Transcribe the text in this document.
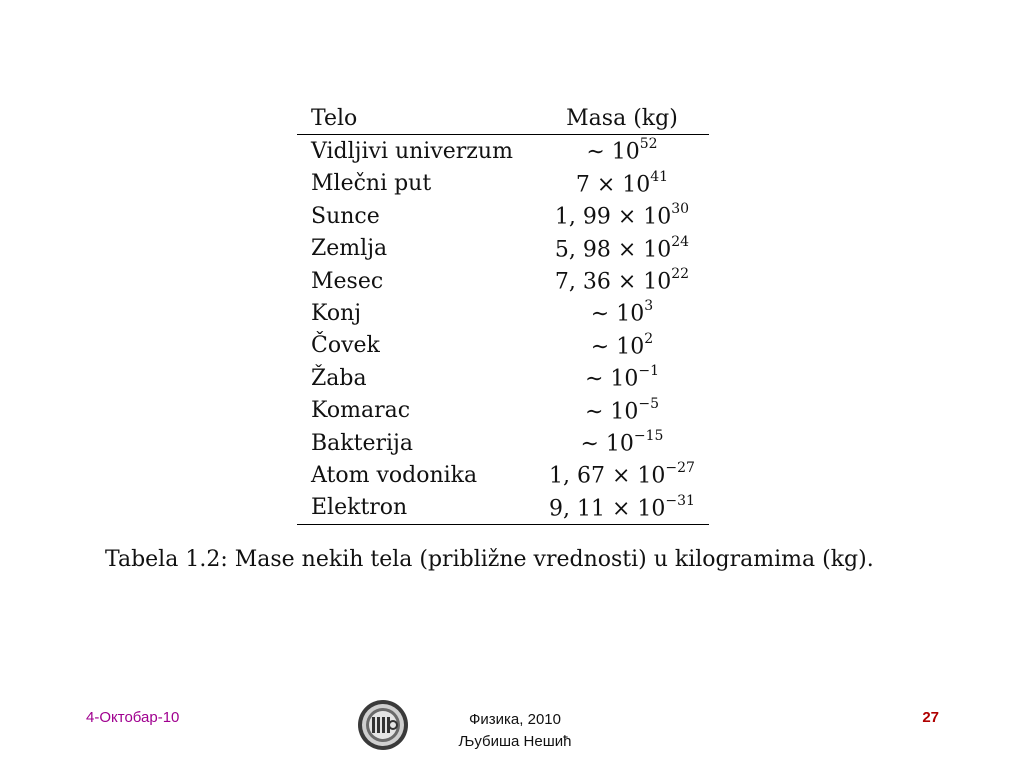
Telo	Masa (kg)
Vidljivi univerzum	∼ $10^{52}$
Mlečni put	$7 \times 10^{41}$
Sunce	1, $99 \times 10^{30}$
Zemlja	5, $98 \times 10^{24}$
Mesec	7, $36 \times 10^{22}$
Konj	∼ $10^3$
Čovek	∼ $10^2$
Žaba	∼ $10^{-1}$
Komarac	∼ $10^{-5}$
Bakterija	∼ $10^{-15}$
Atom vodonika	1, $67 \times 10^{-27}$
Elektron	9, $11 \times 10^{-31}$
Tabela 1.2: Mase nekih tela (približne vrednosti) u kilogramima (kg).
4-Октобар-10	Физика, 2010
Љубиша Нешић
27
